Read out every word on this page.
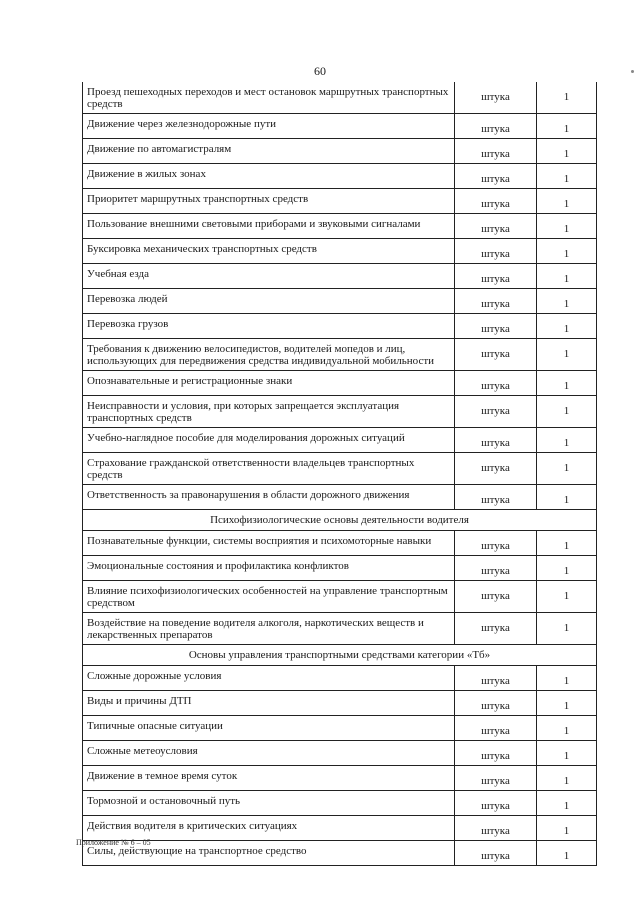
60
Проезд пешеходных переходов и мест остановок маршрутных транспортных средств	штука	1
Движение через железнодорожные пути	штука	1
Движение по автомагистралям	штука	1
Движение в жилых зонах	штука	1
Приоритет маршрутных транспортных средств	штука	1
Пользование внешними световыми приборами и звуковыми сигналами	штука	1
Буксировка механических транспортных средств	штука	1
Учебная езда	штука	1
Перевозка людей	штука	1
Перевозка грузов	штука	1
Требования к движению велосипедистов, водителей мопедов и лиц, использующих для передвижения средства индивидуальной мобильности	штука	1
Опознавательные и регистрационные знаки	штука	1
Неисправности и условия, при которых запрещается эксплуатация транспортных средств	штука	1
Учебно-наглядное пособие для моделирования дорожных ситуаций	штука	1
Страхование гражданской ответственности владельцев транспортных средств	штука	1
Ответственность за правонарушения в области дорожного движения	штука	1
Психофизиологические основы деятельности водителя		
Познавательные функции, системы восприятия и психомоторные навыки	штука	1
Эмоциональные состояния и профилактика конфликтов	штука	1
Влияние психофизиологических особенностей на управление транспортным средством	штука	1
Воздействие на поведение водителя алкоголя, наркотических веществ и лекарственных препаратов	штука	1
Основы управления транспортными средствами категории «Тб»		
Сложные дорожные условия	штука	1
Виды и причины ДТП	штука	1
Типичные опасные ситуации	штука	1
Сложные метеоусловия	штука	1
Движение в темное время суток	штука	1
Тормозной и остановочный путь	штука	1
Действия водителя в критических ситуациях	штука	1
Силы, действующие на транспортное средство	штука	1
Приложение № 6 – 05
